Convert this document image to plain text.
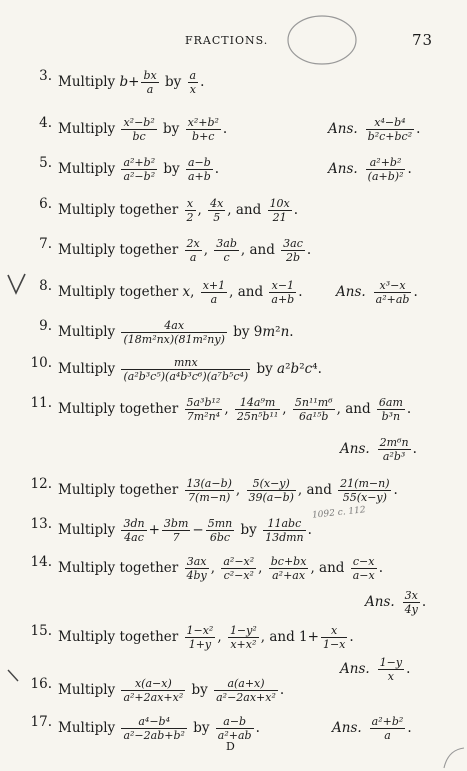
FRACTIONS.	73
3. Multiply $b+ \frac{bx}{a}$ by $\frac{a}{x}$ .
4. Multiply $\frac{\text{x²−b²}}{bc}$ by $\frac{\text{x²+b²}}{b+c}$ .	Ans. $\frac{\text{x⁴−b⁴}}{\text{b²c+bc²}}$ .
5. Multiply $\frac{\text{a²+b²}}{\text{a²−b²}}$ by $\frac{a-b}{a+b}$ .	Ans. $\frac{\text{a²+b²}}{\text{(a+b)²}}$ .
6. Multiply together $\frac{x}{2}$ , $\frac{4x}{5}$ , and $\frac{10x}{21}$ .
7. Multiply together $\frac{2x}{a}$ , $\frac{3ab}{c}$ , and $\frac{3ac}{2b}$ .
8. Multiply together x, $\frac{x+1}{a}$ , and $\frac{x-1}{a+b}$ . Ans. $\frac{\text{x³−x}}{\text{a²+ab}}$ .
9. Multiply $\frac{4ax}{\text{(18m²nx)(81m²ny)}}$ by 9m²n.
10. Multiply $\frac{\text{mnx}}{\text{(a²b³c⁵)(a⁴b³c⁶)(a⁷b⁵c⁴)}}$ by a²b²c⁴.
11. Multiply together $\frac{\text{5a³b¹²}}{\text{7m²n⁴}}$ , $\frac{\text{14a⁹m}}{\text{25n⁵b¹¹}}$ , $\frac{\text{5n¹¹m⁶}}{\text{6a¹⁵b}}$ , and $\frac{6am}{\text{b³n}}$ .
Ans. $\frac{\text{2m⁶n}}{\text{a²b³}}$ .
12. Multiply together $\frac{13(a-b)}{7(m-n)}$ , $\frac{5(x-y)}{39(a-b)}$ , and $\frac{21(m-n)}{55(x-y)}$ .
13. Multiply $\frac{3dn}{4ac} + \frac{3bm}{7} - \frac{5mn}{6bc}$ by $\frac{\text{11abc}}{\text{13dmn}}$ .
14. Multiply together $\frac{3ax}{4by}$ , $\frac{\text{a²−x²}}{\text{c²−x²}}$ , $\frac{bc+bx}{\text{a²+ax}}$ , and $\frac{c-x}{a-x}$ .
Ans. $\frac{3x}{4y}$ .
15. Multiply together $\frac{\text{1−x²}}{1+y}$ , $\frac{\text{1−y²}}{\text{x+x²}}$ , and $1+ \frac{x}{1-x}$ .
Ans. $\frac{1-y}{x}$ .
16. Multiply $\frac{x(a-x)}{\text{a²+2ax+x²}}$ by $\frac{a(a+x)}{\text{a²−2ax+x²}}$ .
17. Multiply $\frac{\text{a⁴−b⁴}}{\text{a²−2ab+b²}}$ by $\frac{a-b}{\text{a²+ab}}$ .	Ans. $\frac{\text{a²+b²}}{a}$ .
1092 c. 112
D
